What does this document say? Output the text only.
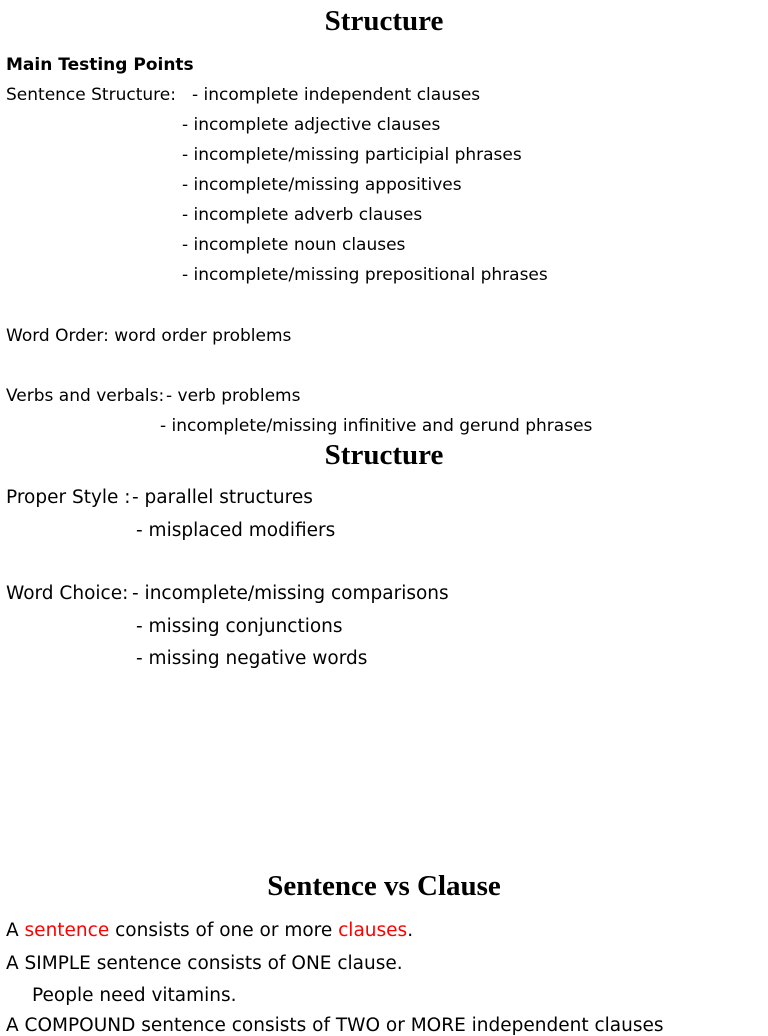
Structure
Main Testing Points
Sentence Structure: - incomplete independent clauses
- incomplete adjective clauses
- incomplete/missing participial phrases
- incomplete/missing appositives
- incomplete adverb clauses
- incomplete noun clauses
- incomplete/missing prepositional phrases
Word Order: word order problems
Verbs and verbals: - verb problems
- incomplete/missing infinitive and gerund phrases
Structure
Proper Style : - parallel structures
- misplaced modifiers
Word Choice: - incomplete/missing comparisons
- missing conjunctions
- missing negative words
Sentence vs Clause
A sentence consists of one or more clauses.
A SIMPLE sentence consists of ONE clause.
People need vitamins.
A COMPOUND sentence consists of TWO or MORE independent clauses
